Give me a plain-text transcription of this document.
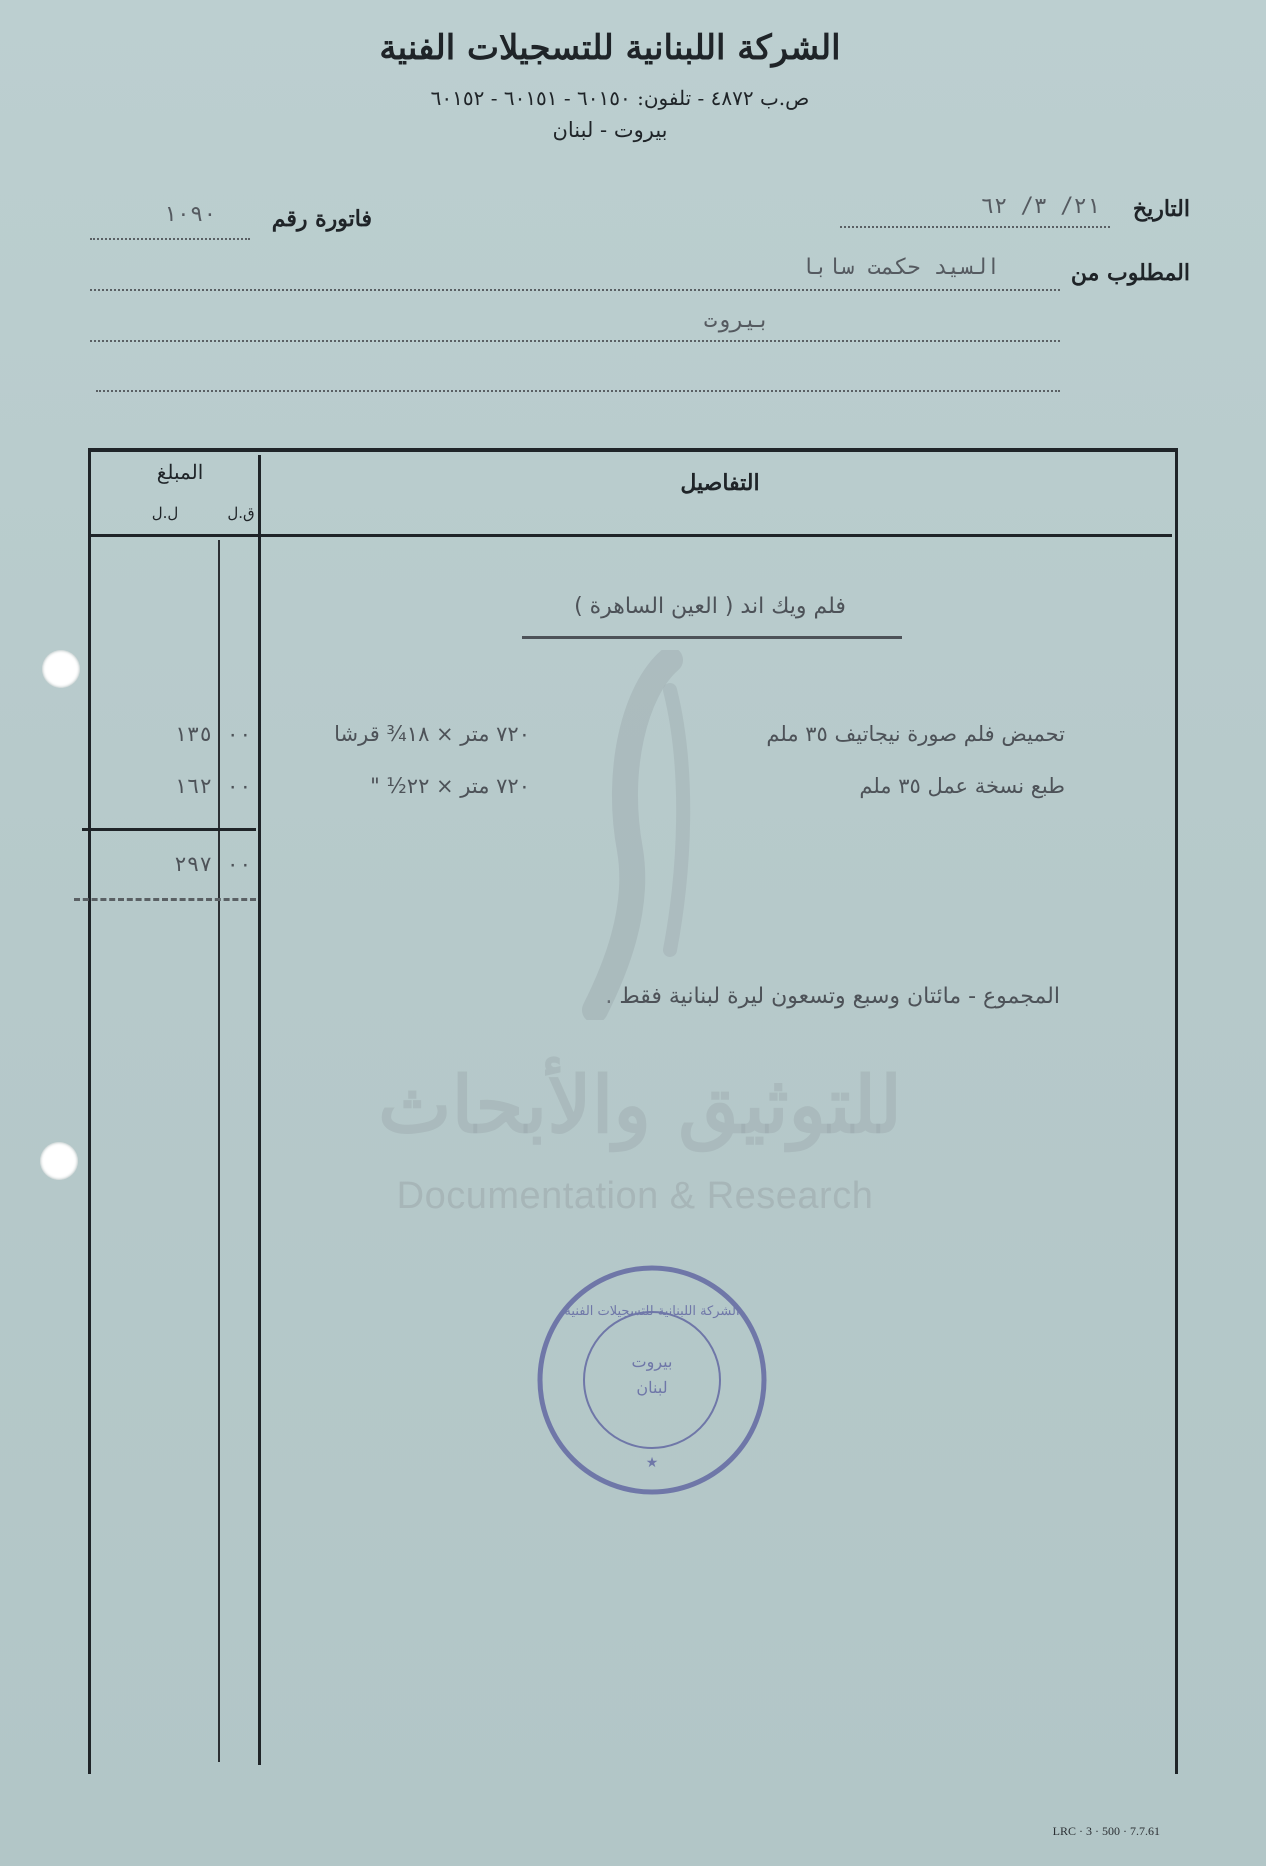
الشركة اللبنانية للتسجيلات الفنية
ص.ب ٤٨٧٢ - تلفون: ٦٠١٥٠ - ٦٠١٥١ - ٦٠١٥٢
بيروت - لبنان
التاريخ
٢١/ ٣/ ٦٢
فاتورة رقم
١٠٩٠
المطلوب من
السيد حكمت سابا
بيروت
التفاصيل
المبلغ
ق.ل
ل.ل
فلم ويك اند ( العين الساهرة )
تحميض فلم صورة نيجاتيف ٣٥ ملم
٧٢٠ متر × ١٨¾ قرشا
١٣٥ ٠٠
طبع نسخة عمل ٣٥ ملم
٧٢٠ متر × ٢٢½ "
١٦٢ ٠٠
٢٩٧ ٠٠
المجموع - مائتان وسبع وتسعون ليرة لبنانية فقط .
للتوثيق والأبحاث
Documentation & Research
★
الشركة اللبنانية للتسجيلات الفنية
بيروت
لبنان
LRC · 3 · 500 · 7.7.61
